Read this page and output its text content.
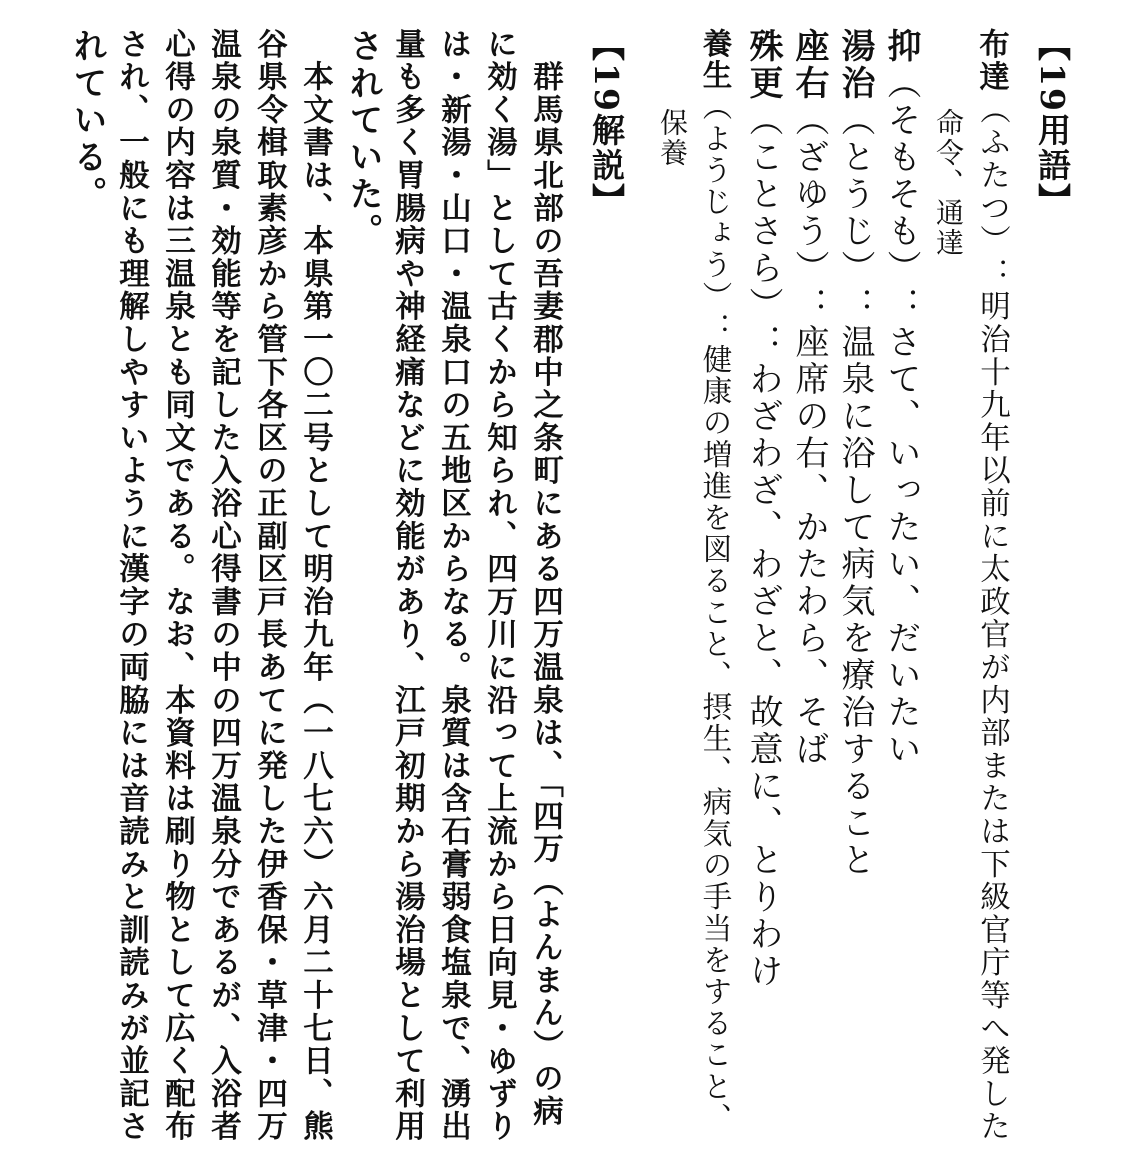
【19用語】
布達（ふたつ）：明治十九年以前に太政官が内部または下級官庁等へ発した
命令、通達
抑（そもそも）：さて、いったい、だいたい
湯治（とうじ）：温泉に浴して病気を療治すること
座右（ざゆう）：座席の右、かたわら、そば
殊更（ことさら）：わざわざ、わざと、故意に、とりわけ
養生（ようじょう）：健康の増進を図ること、摂生、病気の手当をすること、
保養
【19解説】
　群馬県北部の吾妻郡中之条町にある四万温泉は、「四万（よんまん）の病
に効く湯」として古くから知られ、四万川に沿って上流から日向見・ゆずり
は・新湯・山口・温泉口の五地区からなる。泉質は含石膏弱食塩泉で、湧出
量も多く胃腸病や神経痛などに効能があり、江戸初期から湯治場として利用
されていた。
　本文書は、本県第一〇二号として明治九年（一八七六）六月二十七日、熊
谷県令楫取素彦から管下各区の正副区戸長あてに発した伊香保・草津・四万
温泉の泉質・効能等を記した入浴心得書の中の四万温泉分であるが、入浴者
心得の内容は三温泉とも同文である。なお、本資料は刷り物として広く配布
され、一般にも理解しやすいように漢字の両脇には音読みと訓読みが並記さ
れている。
